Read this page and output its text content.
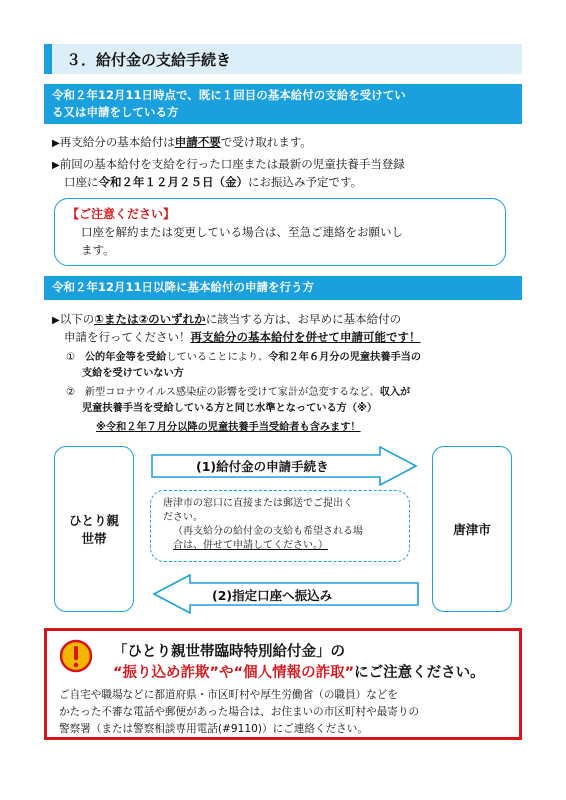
３．給付金の支給手続き
令和２年12月11日時点で、既に１回目の基本給付の支給を受けてい
る又は申請をしている方
▶再支給分の基本給付は申請不要で受け取れます。
▶前回の基本給付を支給を行った口座または最新の児童扶養手当登録
口座に令和２年１２月２５日（金）にお振込み予定です。
【ご注意ください】
口座を解約または変更している場合は、至急ご連絡をお願いし
ます。
令和２年12月11日以降に基本給付の申請を行う方
▶以下の①または②のいずれかに該当する方は、お早めに基本給付の
申請を行ってください！再支給分の基本給付を併せて申請可能です！
① 公的年金等を受給していることにより、令和２年６月分の児童扶養手当の
支給を受けていない方
② 新型コロナウイルス感染症の影響を受けて家計が急変するなど、収入が
児童扶養手当を受給している方と同じ水準となっている方（※）
※令和２年７月分以降の児童扶養手当受給者も含みます！
ひとり親
世帯
唐津市
(1)給付金の申請手続き
唐津市の窓口に直接または郵送でご提出く
ださい。
（再支給分の給付金の支給も希望される場
合は、併せて申請してください。）
(2)指定口座へ振込み
「ひとり親世帯臨時特別給付金」の
“振り込め詐欺”や“個人情報の詐取”にご注意ください。
ご自宅や職場などに都道府県・市区町村や厚生労働省（の職員）などを
かたった不審な電話や郵便があった場合は、お住まいの市区町村や最寄りの
警察署（または警察相談専用電話(#9110)）にご連絡ください。
